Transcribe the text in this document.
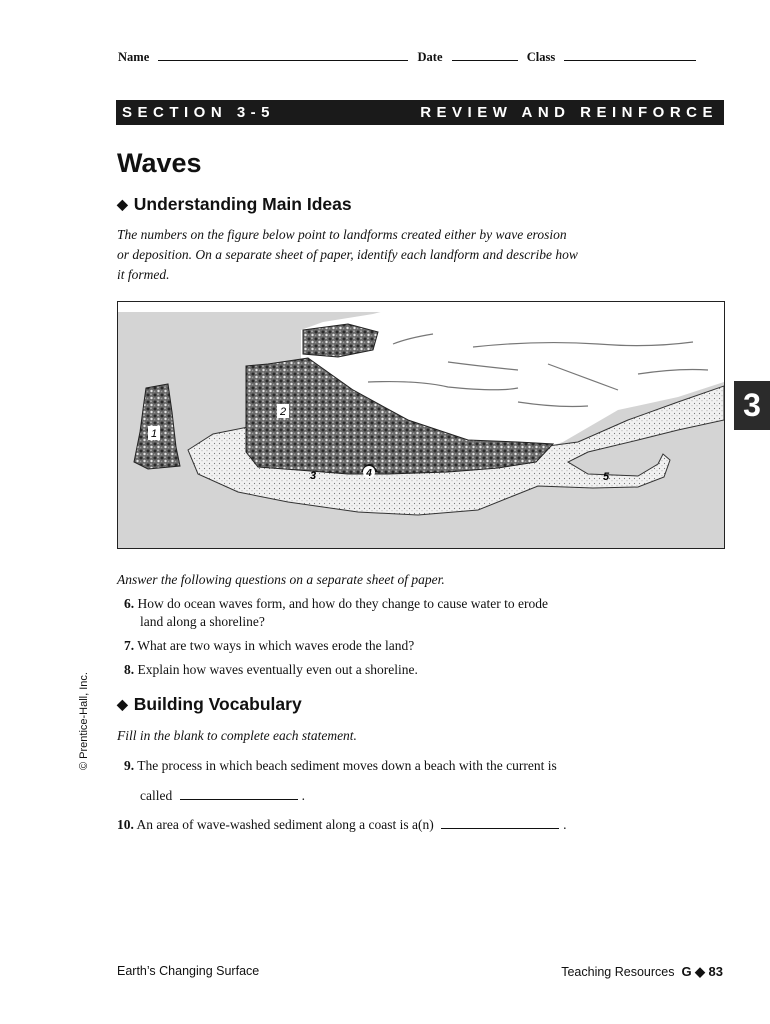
Name	Date	Class
SECTION 3-5	REVIEW AND REINFORCE
Waves
◆ Understanding Main Ideas
The numbers on the figure below point to landforms created either by wave erosion
or deposition. On a separate sheet of paper, identify each landform and describe how
it formed.
1
2
3	4	5
Answer the following questions on a separate sheet of paper.
6. How do ocean waves form, and how do they change to cause water to erode
land along a shoreline?
7. What are two ways in which waves erode the land?
8. Explain how waves eventually even out a shoreline.
◆ Building Vocabulary
Fill in the blank to complete each statement.
9. The process in which beach sediment moves down a beach with the current is
called	.
10. An area of wave-washed sediment along a coast is a(n)	.
3
© Prentice-Hall, Inc.
Earth’s Changing Surface	Teaching Resources G ◆ 83
